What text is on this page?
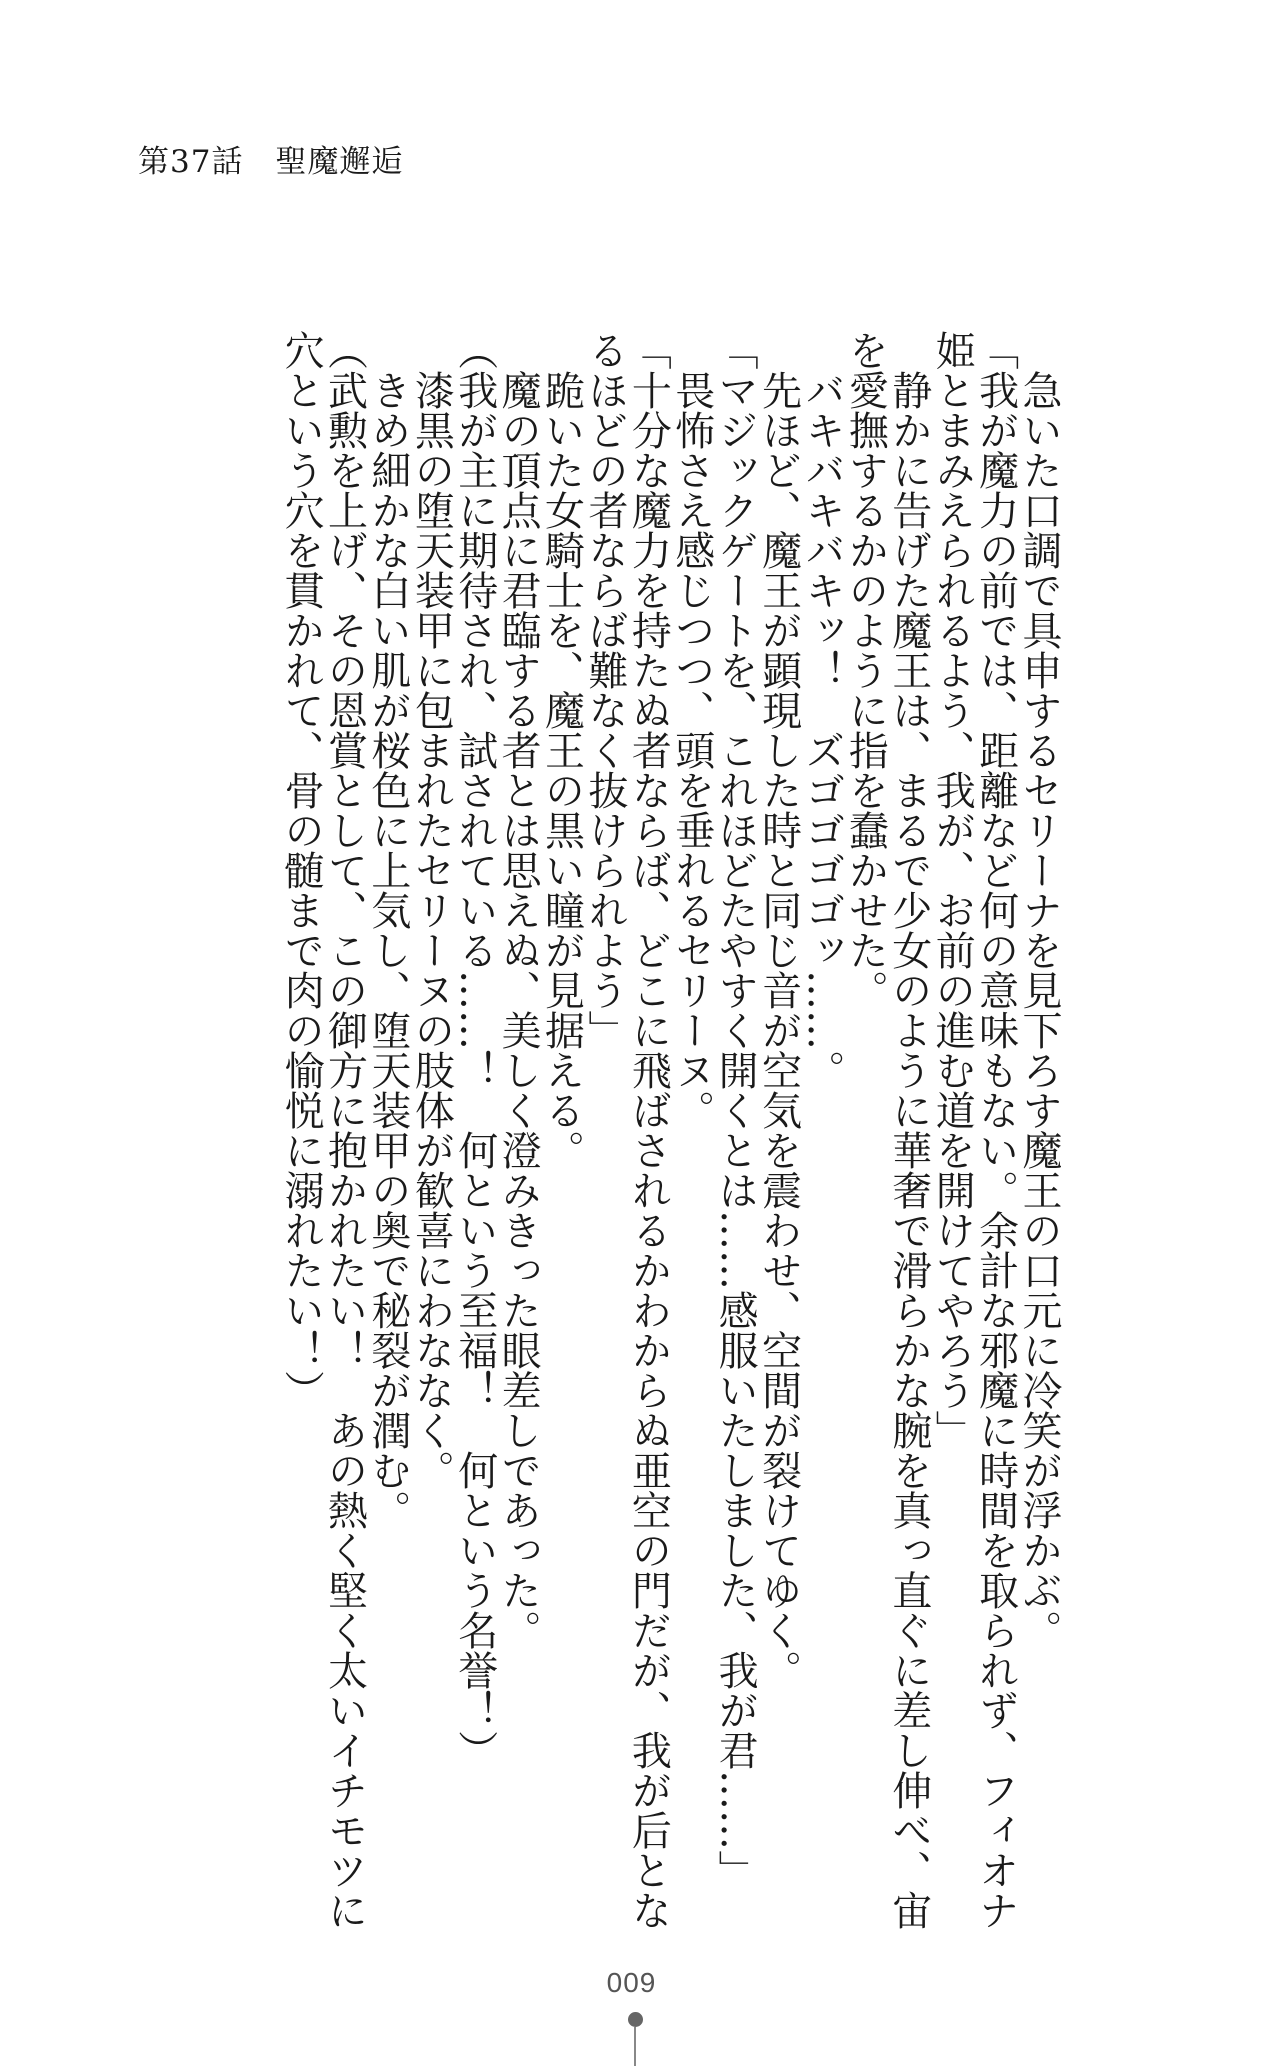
第37話　聖魔邂逅

　急いた口調で具申するセリーナを見下ろす魔王の口元に冷笑が浮かぶ。

「我が魔力の前では、距離など何の意味もない。余計な邪魔に時間を取られず、フィオナ

姫とまみえられるよう、我が、お前の進む道を開けてやろう」

　静かに告げた魔王は、まるで少女のように華奢で滑らかな腕を真っ直ぐに差し伸べ、宙

を愛撫するかのように指を蠢かせた。

　バキバキバキッ！　ズゴゴゴゴッ……。

　先ほど、魔王が顕現した時と同じ音が空気を震わせ、空間が裂けてゆく。

「マジックゲートを、これほどたやすく開くとは……感服いたしました、我が君……」

　畏怖さえ感じつつ、頭を垂れるセリーヌ。

「十分な魔力を持たぬ者ならば、どこに飛ばされるかわからぬ亜空の門だが、我が后とな

るほどの者ならば難なく抜けられよう」

　跪いた女騎士を、魔王の黒い瞳が見据える。

　魔の頂点に君臨する者とは思えぬ、美しく澄みきった眼差しであった。

（我が主に期待され、試されている……！　何という至福！　何という名誉！）

　漆黒の堕天装甲に包まれたセリーヌの肢体が歓喜にわななく。

　きめ細かな白い肌が桜色に上気し、堕天装甲の奥で秘裂が潤む。

（武勲を上げ、その恩賞として、この御方に抱かれたい！　あの熱く堅く太いイチモツに

穴という穴を貫かれて、骨の髄まで肉の愉悦に溺れたい！）

009
